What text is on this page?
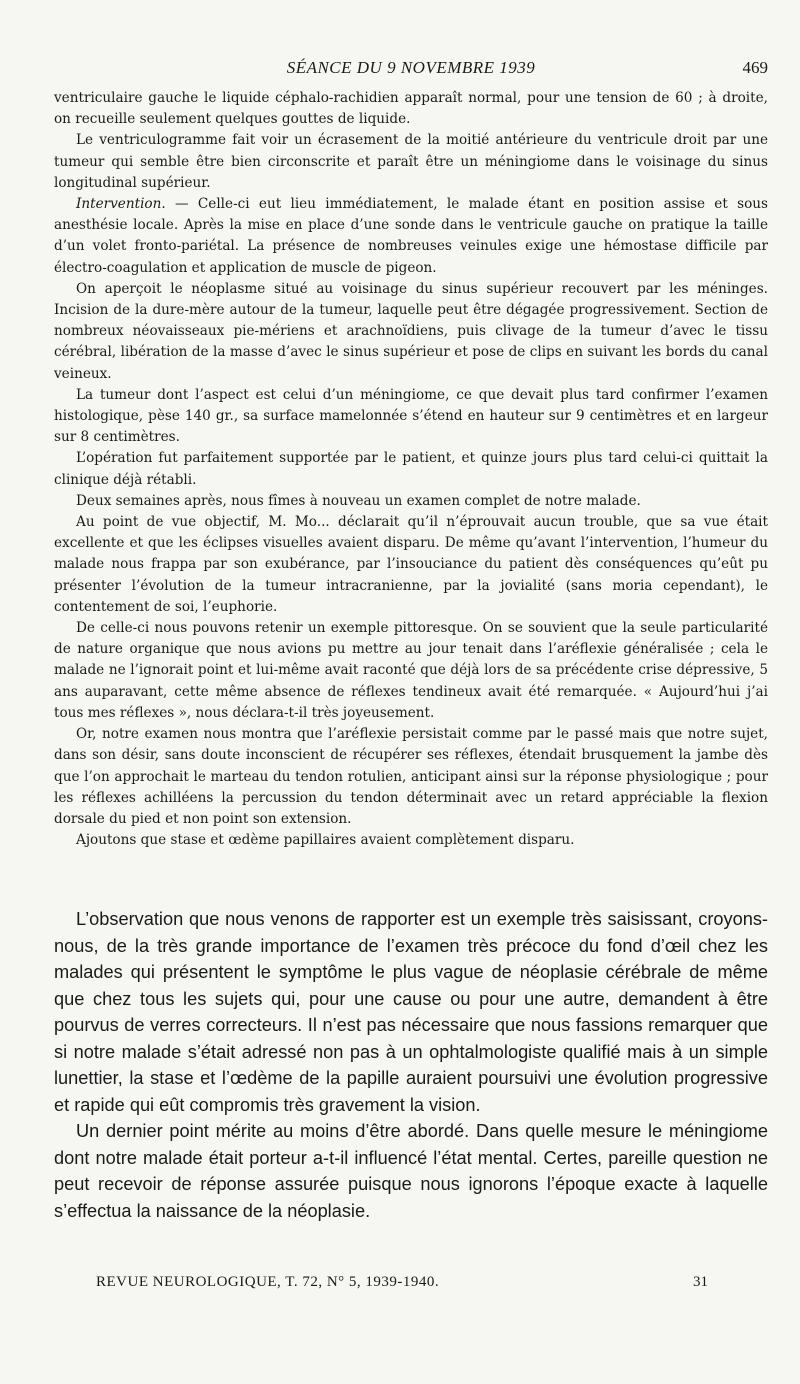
SÉANCE DU 9 NOVEMBRE 1939	469

ventriculaire gauche le liquide céphalo-rachidien apparaît normal, pour une tension de 60 ; à droite, on recueille seulement quelques gouttes de liquide.

Le ventriculogramme fait voir un écrasement de la moitié antérieure du ventricule droit par une tumeur qui semble être bien circonscrite et paraît être un méningiome dans le voisinage du sinus longitudinal supérieur.

Intervention. — Celle-ci eut lieu immédiatement, le malade étant en position assise et sous anesthésie locale. Après la mise en place d’une sonde dans le ventricule gauche on pratique la taille d’un volet fronto-pariétal. La présence de nombreuses veinules exige une hémostase difficile par électro-coagulation et application de muscle de pigeon.

On aperçoit le néoplasme situé au voisinage du sinus supérieur recouvert par les méninges. Incision de la dure-mère autour de la tumeur, laquelle peut être dégagée progressivement. Section de nombreux néovaisseaux pie-mériens et arachnoïdiens, puis clivage de la tumeur d’avec le tissu cérébral, libération de la masse d’avec le sinus supérieur et pose de clips en suivant les bords du canal veineux.

La tumeur dont l’aspect est celui d’un méningiome, ce que devait plus tard confirmer l’examen histologique, pèse 140 gr., sa surface mamelonnée s’étend en hauteur sur 9 centimètres et en largeur sur 8 centimètres.

L’opération fut parfaitement supportée par le patient, et quinze jours plus tard celui-ci quittait la clinique déjà rétabli.

Deux semaines après, nous fîmes à nouveau un examen complet de notre malade.

Au point de vue objectif, M. Mo... déclarait qu’il n’éprouvait aucun trouble, que sa vue était excellente et que les éclipses visuelles avaient disparu. De même qu’avant l’intervention, l’humeur du malade nous frappa par son exubérance, par l’insouciance du patient dès conséquences qu’eût pu présenter l’évolution de la tumeur intracranienne, par la jovialité (sans moria cependant), le contentement de soi, l’euphorie.

De celle-ci nous pouvons retenir un exemple pittoresque. On se souvient que la seule particularité de nature organique que nous avions pu mettre au jour tenait dans l’aréflexie généralisée ; cela le malade ne l’ignorait point et lui-même avait raconté que déjà lors de sa précédente crise dépressive, 5 ans auparavant, cette même absence de réflexes tendineux avait été remarquée. « Aujourd’hui j’ai tous mes réflexes », nous déclara-t-il très joyeusement.

Or, notre examen nous montra que l’aréflexie persistait comme par le passé mais que notre sujet, dans son désir, sans doute inconscient de récupérer ses réflexes, étendait brusquement la jambe dès que l’on approchait le marteau du tendon rotulien, anticipant ainsi sur la réponse physiologique ; pour les réflexes achilléens la percussion du tendon déterminait avec un retard appréciable la flexion dorsale du pied et non point son extension.

Ajoutons que stase et œdème papillaires avaient complètement disparu.

L’observation que nous venons de rapporter est un exemple très saisissant, croyons-nous, de la très grande importance de l’examen très précoce du fond d’œil chez les malades qui présentent le symptôme le plus vague de néoplasie cérébrale de même que chez tous les sujets qui, pour une cause ou pour une autre, demandent à être pourvus de verres correcteurs. Il n’est pas nécessaire que nous fassions remarquer que si notre malade s’était adressé non pas à un ophtalmologiste qualifié mais à un simple lunettier, la stase et l’œdème de la papille auraient poursuivi une évolution progressive et rapide qui eût compromis très gravement la vision.

Un dernier point mérite au moins d’être abordé. Dans quelle mesure le méningiome dont notre malade était porteur a-t-il influencé l’état mental. Certes, pareille question ne peut recevoir de réponse assurée puisque nous ignorons l’époque exacte à laquelle s’effectua la naissance de la néoplasie.

REVUE NEUROLOGIQUE, T. 72, N° 5, 1939-1940.	31
